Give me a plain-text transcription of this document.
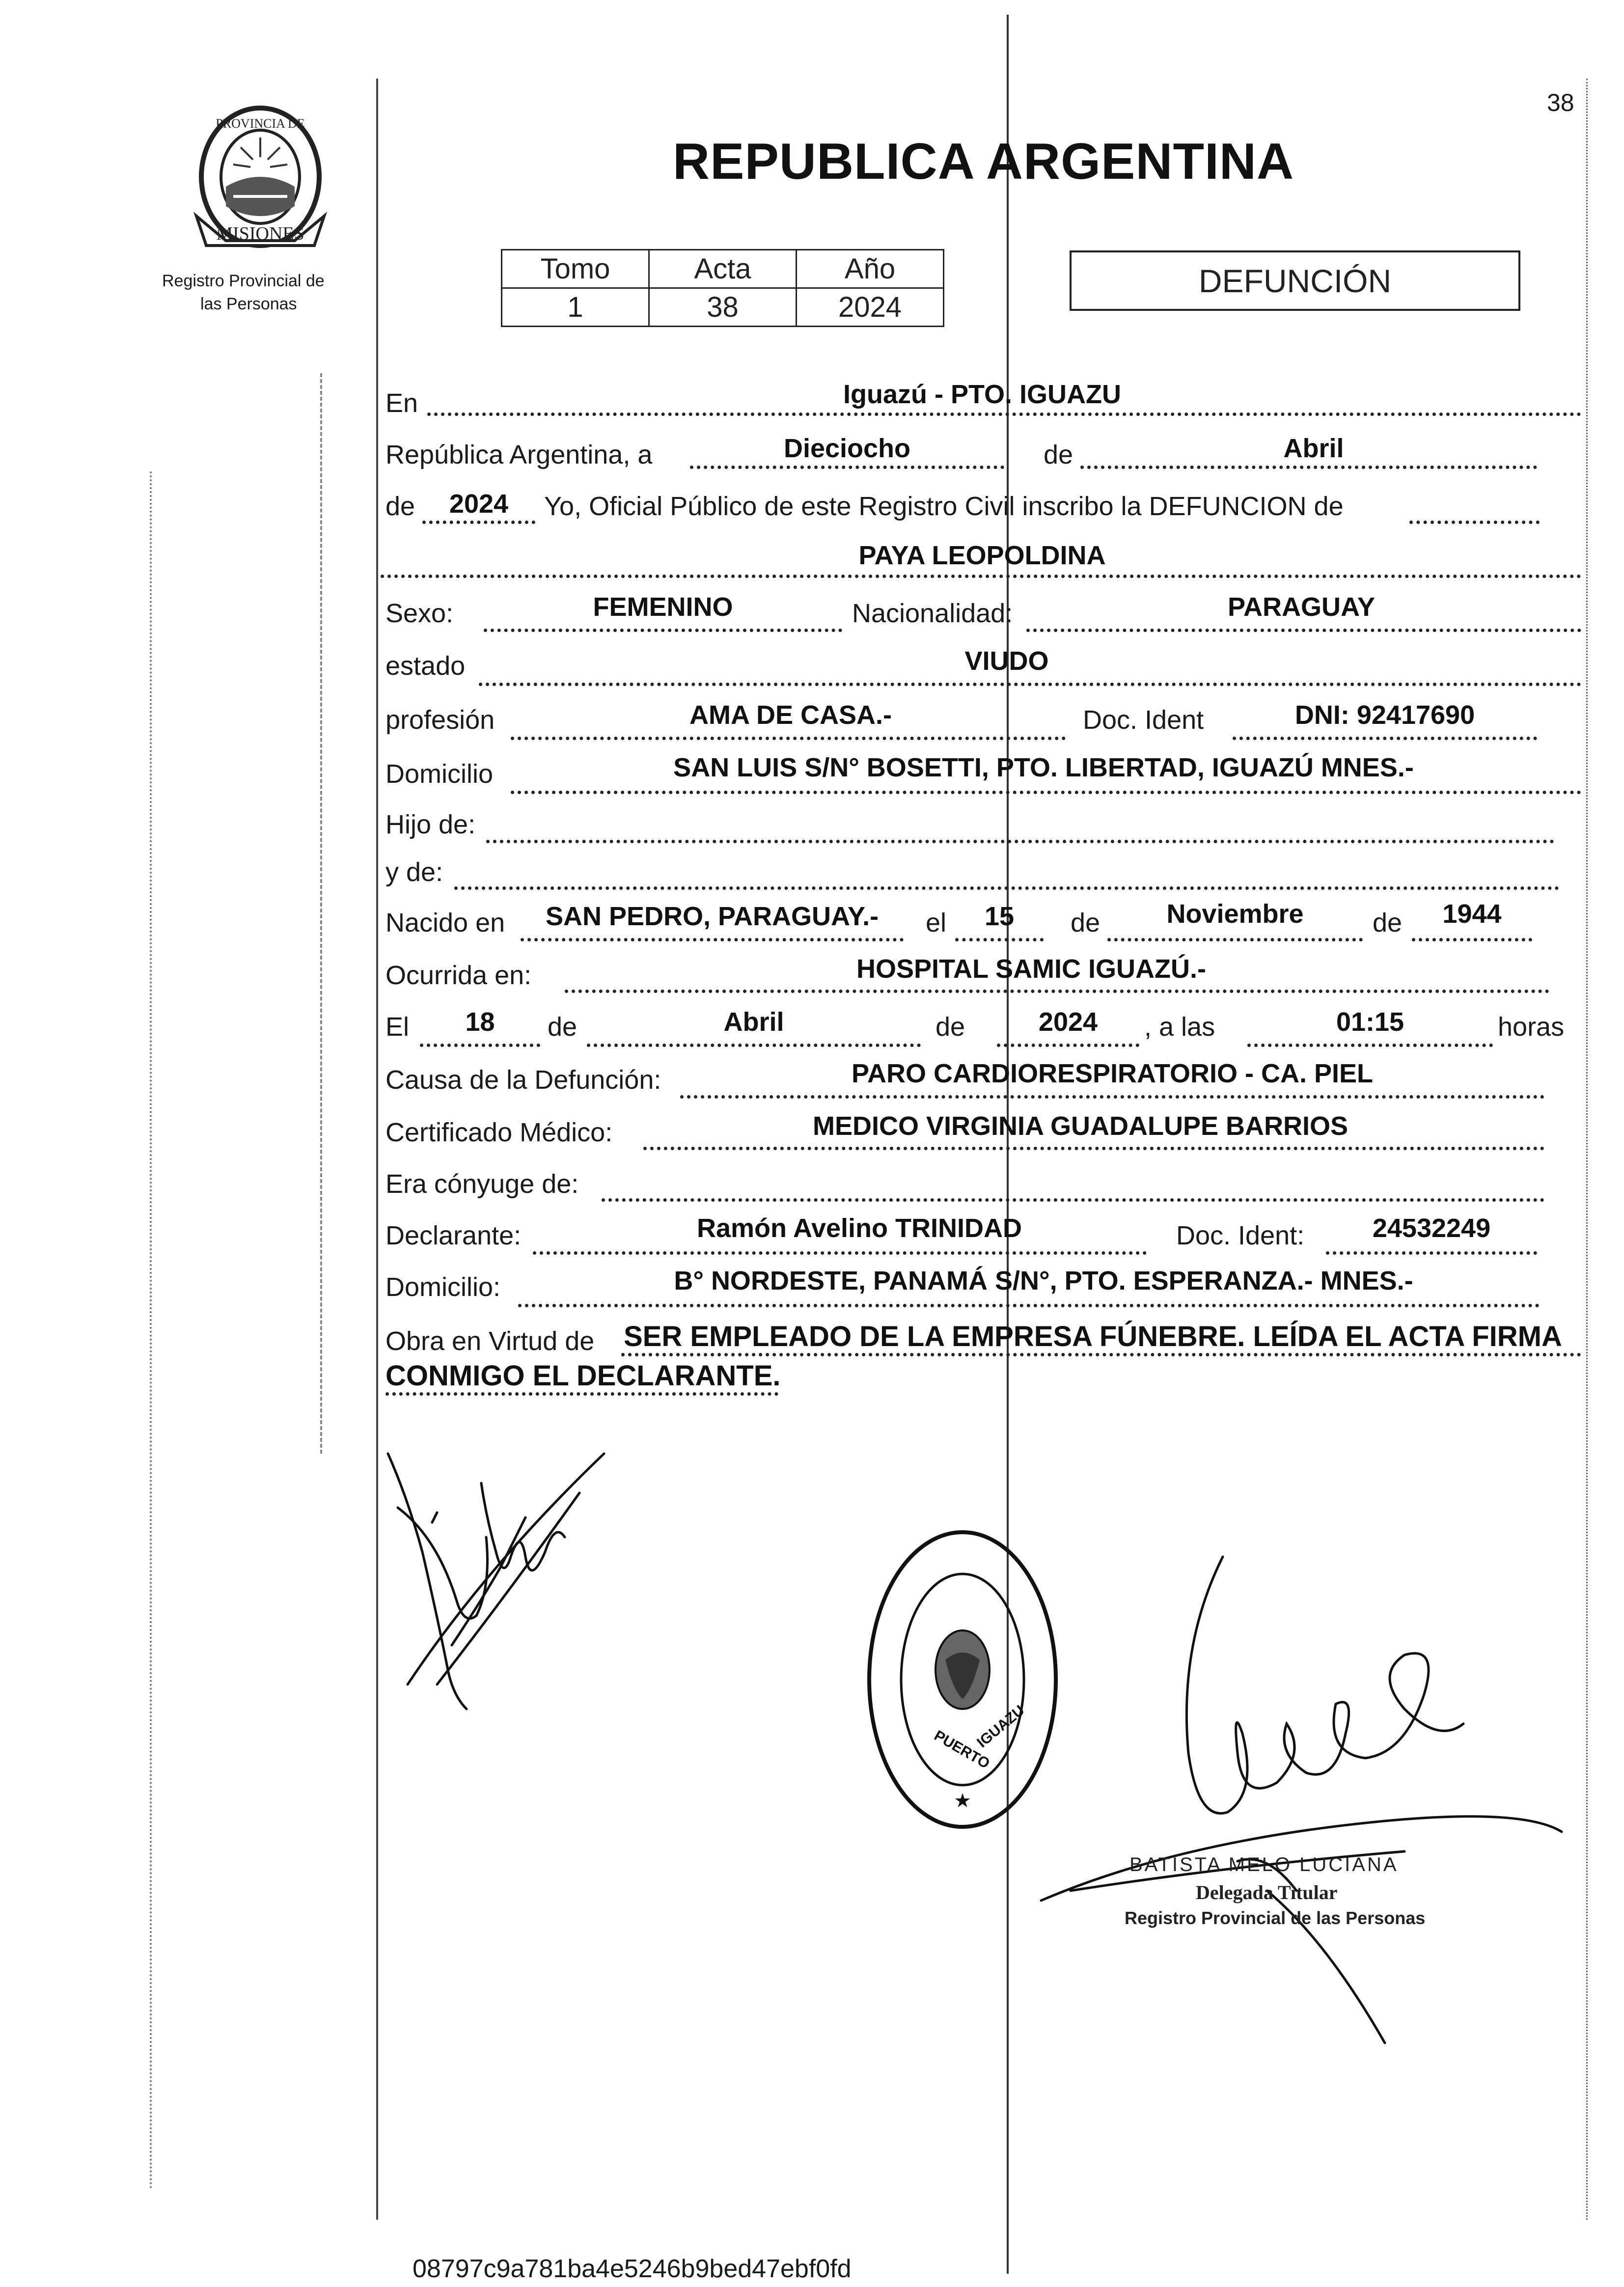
38
MISIONES
PROVINCIA DE
Registro Provincial de
las Personas
REPUBLICA ARGENTINA
Tomo	Acta	Año
1	38	2024
DEFUNCIÓN
En	Iguazú - PTO. IGUAZU
República Argentina, a	Dieciocho	de	Abril
de	2024	Yo, Oficial Público de este Registro Civil inscribo la DEFUNCION de
PAYA LEOPOLDINA
Sexo:	FEMENINO	Nacionalidad:	PARAGUAY
estado	VIUDO
profesión	AMA DE CASA.-	Doc. Ident	DNI: 92417690
Domicilio	SAN LUIS S/N° BOSETTI, PTO. LIBERTAD, IGUAZÚ MNES.-
Hijo de:
y de:
Nacido en	SAN PEDRO, PARAGUAY.-	el	15	de	Noviembre	de	1944
Ocurrida en:	HOSPITAL SAMIC IGUAZÚ.-
El	18	de	Abril	de	2024	, a las	01:15	horas
Causa de la Defunción:	PARO CARDIORESPIRATORIO - CA. PIEL
Certificado Médico:	MEDICO VIRGINIA GUADALUPE BARRIOS
Era cónyuge de:
Declarante:	Ramón Avelino TRINIDAD	Doc. Ident:	24532249
Domicilio:	B° NORDESTE, PANAMÁ S/N°, PTO. ESPERANZA.- MNES.-
Obra en Virtud de SER EMPLEADO DE LA EMPRESA FÚNEBRE. LEÍDA EL ACTA FIRMA
CONMIGO EL DECLARANTE.
PUERTO
IGUAZU
★
BATISTA MELO LUCIANA
Delegada Titular
Registro Provincial de las Personas
08797c9a781ba4e5246b9bed47ebf0fd
